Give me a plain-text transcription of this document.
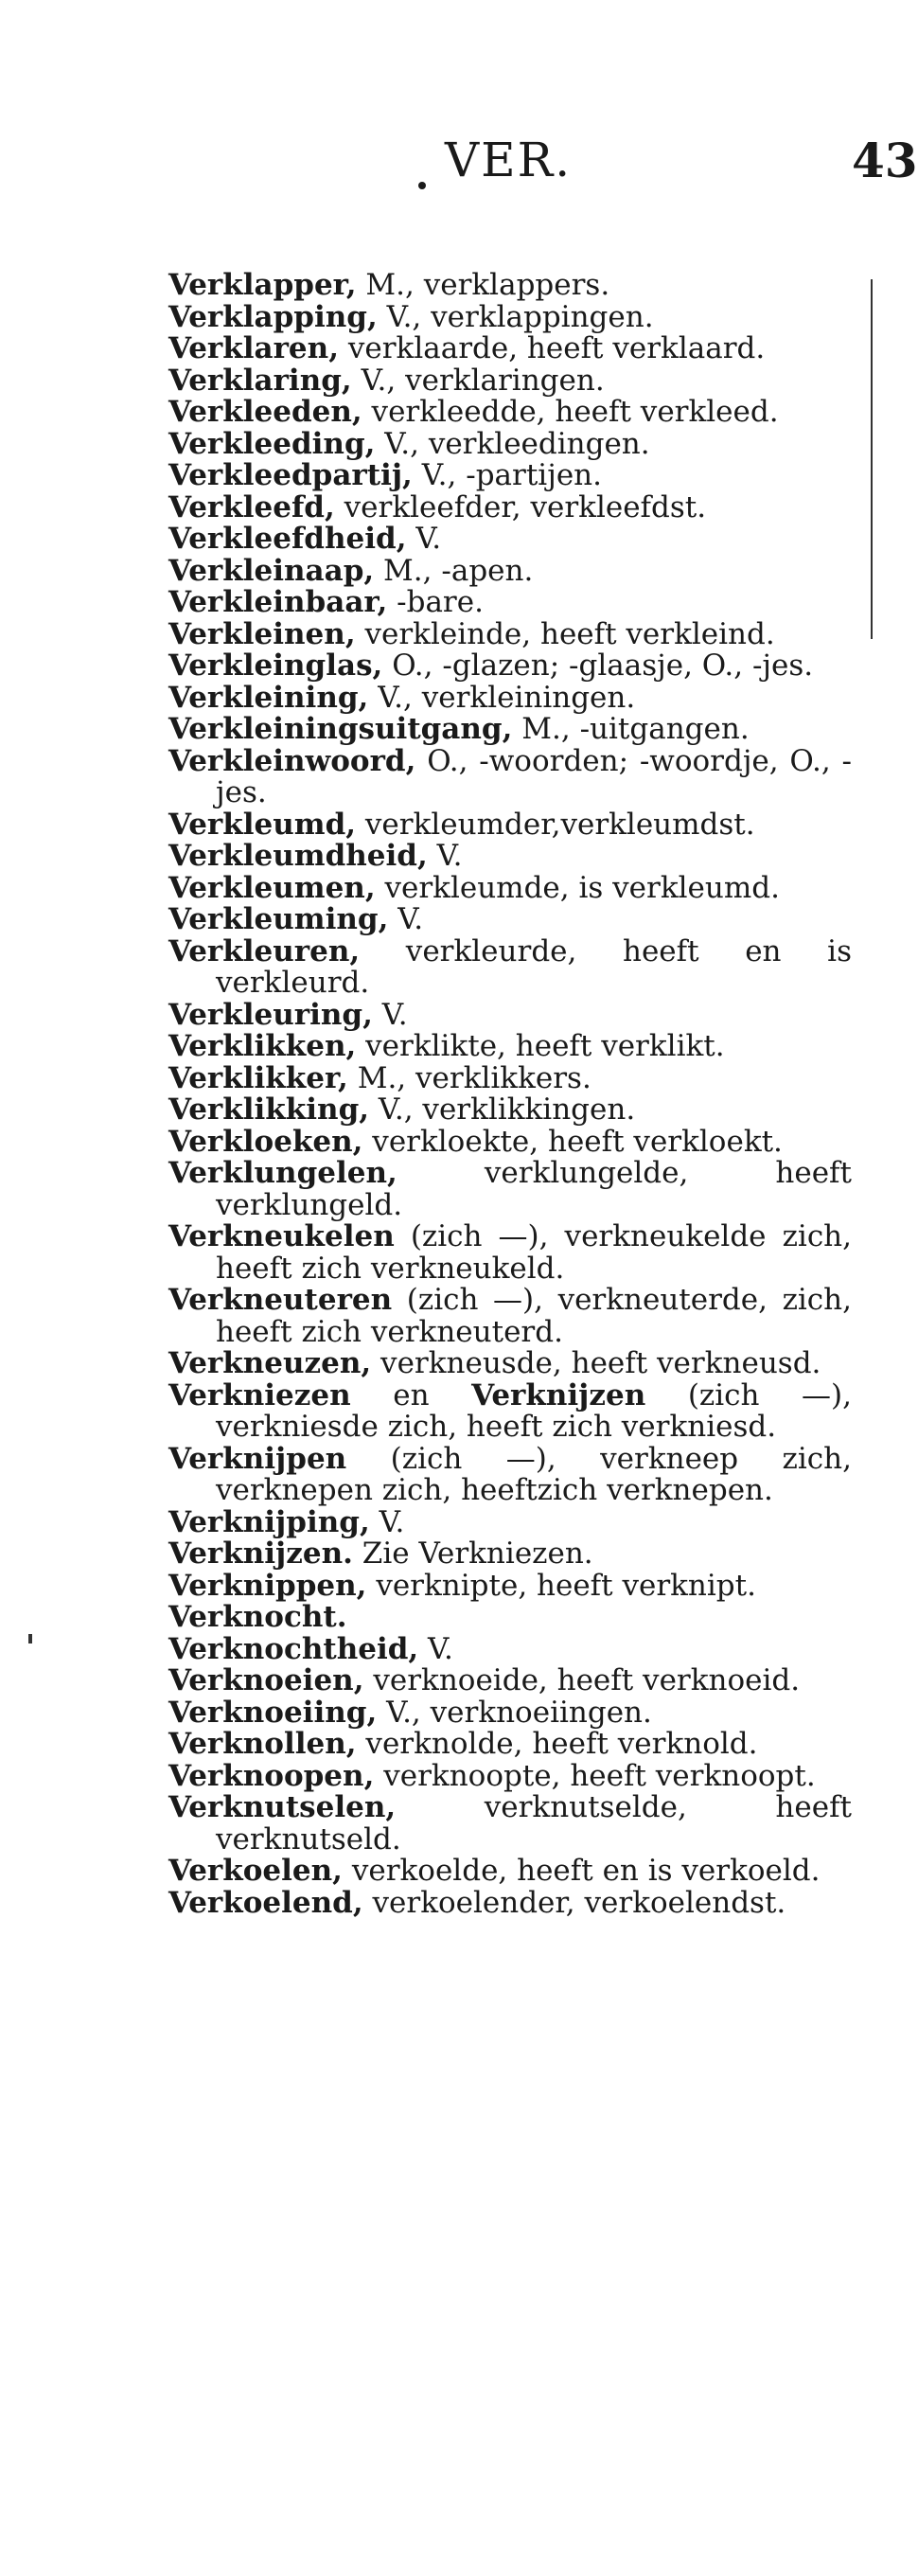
VER.	43

Verklapper, M., verklappers.

Verklapping, V., verklappingen.

Verklaren, verklaarde, heeft verklaard.

Verklaring, V., verklaringen.

Verkleeden, verkleedde, heeft verkleed.

Verkleeding, V., verkleedingen.

Verkleedpartij, V., -partijen.

Verkleefd, verkleefder, verkleefdst.

Verkleefdheid, V.

Verkleinaap, M., -apen.

Verkleinbaar, -bare.

Verkleinen, verkleinde, heeft verkleind.

Verkleinglas, O., -glazen; -glaasje, O., -jes.

Verkleining, V., verkleiningen.

Verkleiningsuitgang, M., -uitgangen.

Verkleinwoord, O., -woorden; -woordje, O., -jes.

Verkleumd, verkleumder,verkleumdst.

Verkleumdheid, V.

Verkleumen, verkleumde, is verkleumd.

Verkleuming, V.

Verkleuren, verkleurde, heeft en is verkleurd.

Verkleuring, V.

Verklikken, verklikte, heeft verklikt.

Verklikker, M., verklikkers.

Verklikking, V., verklikkingen.

Verkloeken, verkloekte, heeft verkloekt.

Verklungelen, verklungelde, heeft verklungeld.

Verkneukelen (zich —), verkneukelde zich, heeft zich verkneukeld.

Verkneuteren (zich —), verkneuterde, zich, heeft zich verkneuterd.

Verkneuzen, verkneusde, heeft verkneusd.

Verkniezen en Verknijzen (zich —), verkniesde zich, heeft zich verkniesd.

Verknijpen (zich —), verkneep zich, verknepen zich, heeftzich verknepen.

Verknijping, V.

Verknijzen. Zie Verkniezen.

Verknippen, verknipte, heeft verknipt.

Verknocht.

Verknochtheid, V.

Verknoeien, verknoeide, heeft verknoeid.

Verknoeiing, V., verknoeiingen.

Verknollen, verknolde, heeft verknold.

Verknoopen, verknoopte, heeft verknoopt.

Verknutselen, verknutselde, heeft verknutseld.

Verkoelen, verkoelde, heeft en is verkoeld.

Verkoelend, verkoelender, verkoelendst.
